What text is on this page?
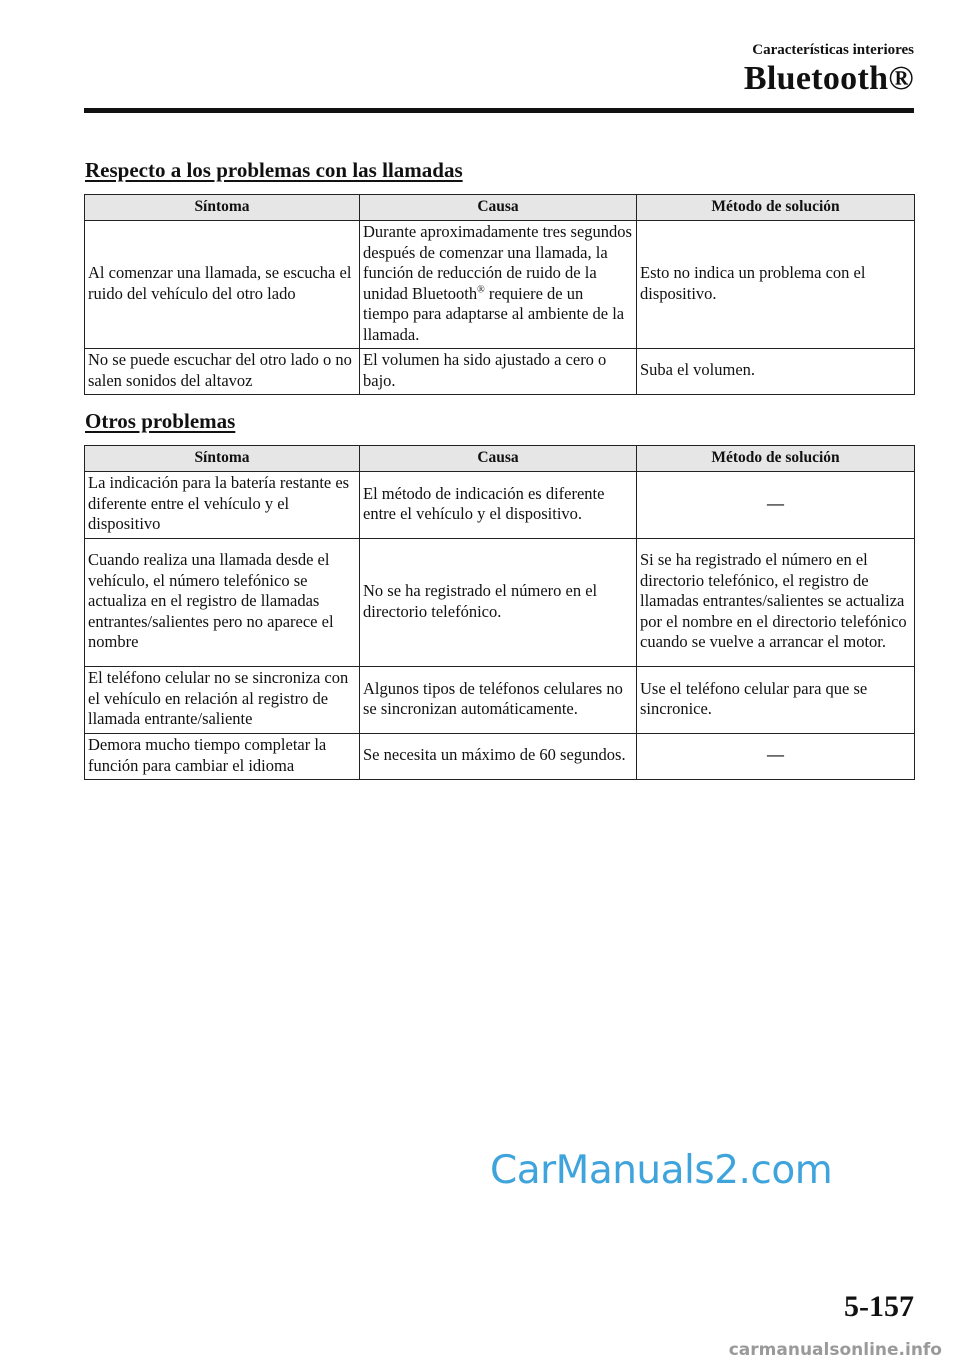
Características interiores
Bluetooth®
Respecto a los problemas con las llamadas
Síntoma	Causa	Método de solución
Al comenzar una llamada, se escucha el ruido del vehículo del otro lado	Durante aproximadamente tres segundos después de comenzar una llamada, la función de reducción de ruido de la unidad Bluetooth® requiere de un tiempo para adaptarse al ambiente de la llamada.	Esto no indica un problema con el dispositivo.
No se puede escuchar del otro lado o no salen sonidos del altavoz	El volumen ha sido ajustado a cero o bajo.	Suba el volumen.
Otros problemas
Síntoma	Causa	Método de solución
La indicación para la batería restante es diferente entre el vehículo y el dispositivo	El método de indicación es diferente entre el vehículo y el dispositivo.	—
Cuando realiza una llamada desde el vehículo, el número telefónico se actualiza en el registro de llamadas entrantes/salientes pero no aparece el nombre	No se ha registrado el número en el directorio telefónico.	Si se ha registrado el número en el directorio telefónico, el registro de llamadas entrantes/salientes se actualiza por el nombre en el directorio telefónico cuando se vuelve a arrancar el motor.
El teléfono celular no se sincroniza con el vehículo en relación al registro de llamada entrante/saliente	Algunos tipos de teléfonos celulares no se sincronizan automáticamente.	Use el teléfono celular para que se sincronice.
Demora mucho tiempo completar la función para cambiar el idioma	Se necesita un máximo de 60 segundos.	—
CarManuals2.com
5-157
carmanualsonline.info
